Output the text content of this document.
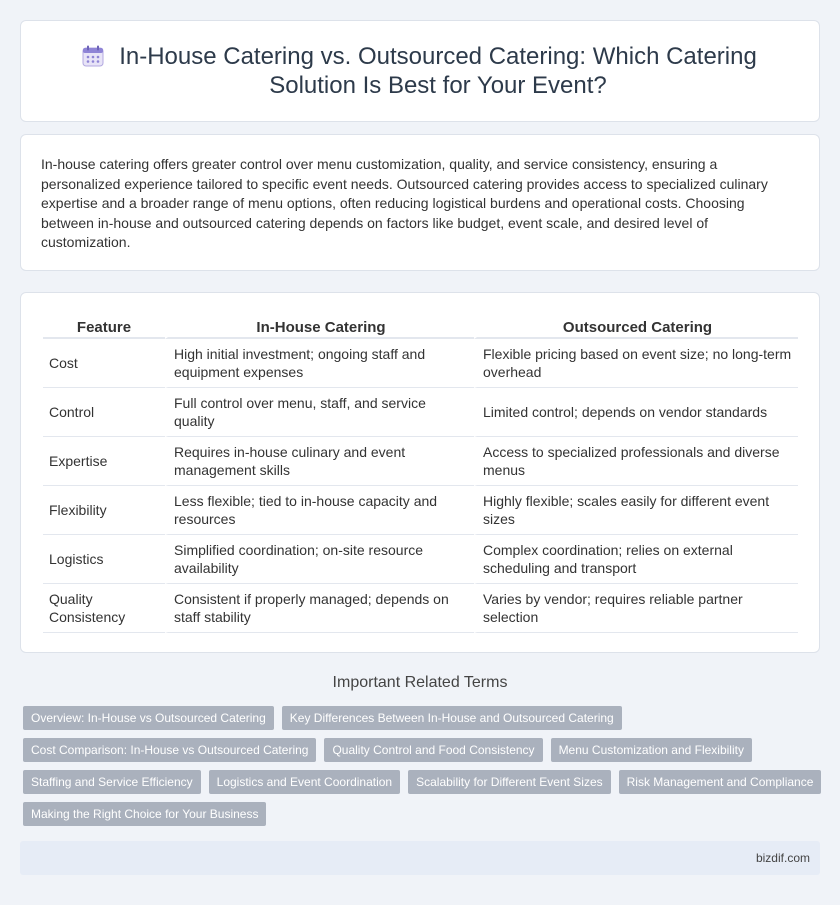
In-House Catering vs. Outsourced Catering: Which Catering Solution Is Best for Your Event?

In-house catering offers greater control over menu customization, quality, and service consistency, ensuring a personalized experience tailored to specific event needs. Outsourced catering provides access to specialized culinary expertise and a broader range of menu options, often reducing logistical burdens and operational costs. Choosing between in-house and outsourced catering depends on factors like budget, event scale, and desired level of customization.

Feature	In-House Catering	Outsourced Catering
Cost	High initial investment; ongoing staff and equipment expenses	Flexible pricing based on event size; no long-term overhead
Control	Full control over menu, staff, and service quality	Limited control; depends on vendor standards
Expertise	Requires in-house culinary and event management skills	Access to specialized professionals and diverse menus
Flexibility	Less flexible; tied to in-house capacity and resources	Highly flexible; scales easily for different event sizes
Logistics	Simplified coordination; on-site resource availability	Complex coordination; relies on external scheduling and transport
Quality Consistency	Consistent if properly managed; depends on staff stability	Varies by vendor; requires reliable partner selection
Important Related Terms
Overview: In-House vs Outsourced Catering	Key Differences Between In-House and Outsourced Catering
Cost Comparison: In-House vs Outsourced Catering	Quality Control and Food Consistency	Menu Customization and Flexibility
Staffing and Service Efficiency	Logistics and Event Coordination	Scalability for Different Event Sizes	Risk Management and Compliance
Making the Right Choice for Your Business
bizdif.com
